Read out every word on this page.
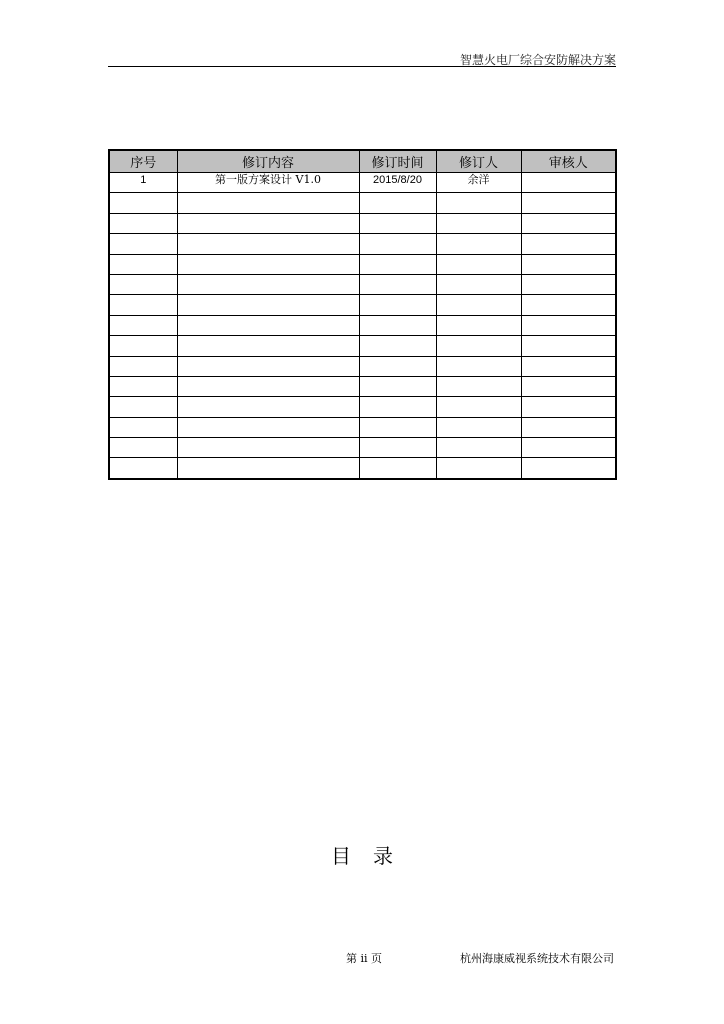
智慧火电厂综合安防解决方案
序号	修订内容	修订时间	修订人	审核人
1	第一版方案设计 V1.0	2015/8/20	余洋	

目录
第 ii 页	杭州海康威视系统技术有限公司
